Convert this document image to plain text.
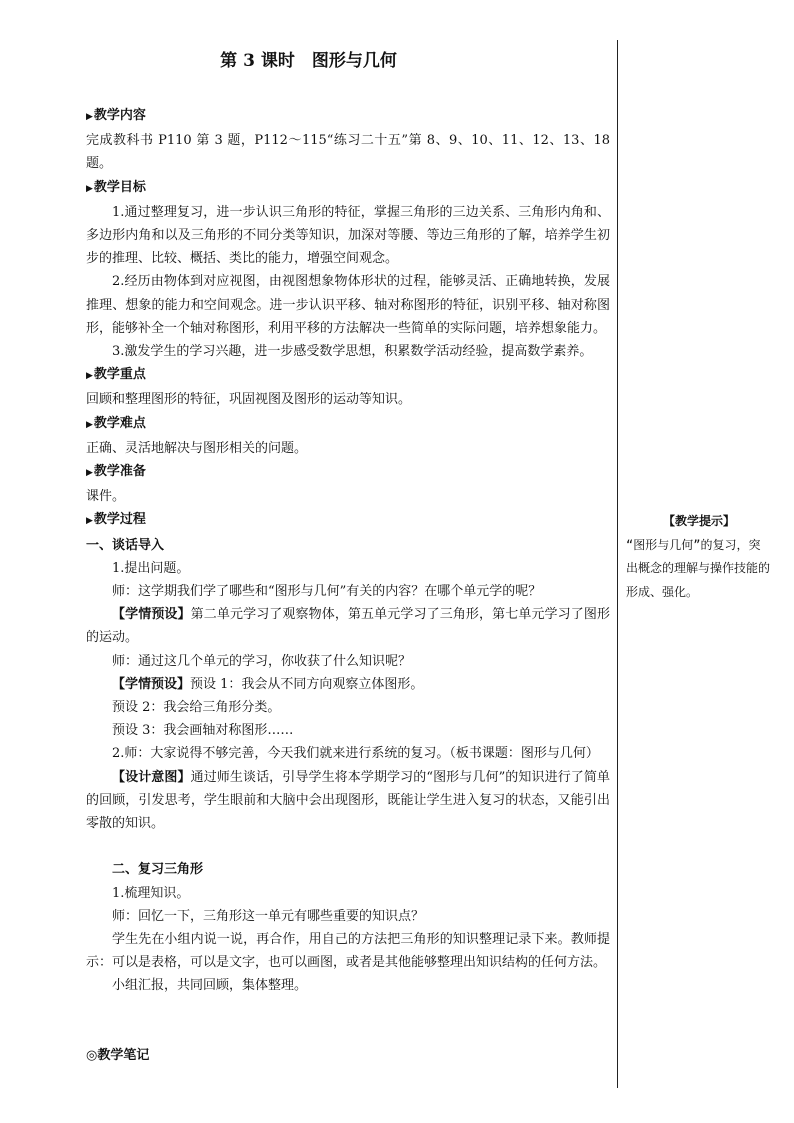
第 3 课时　图形与几何

▶教学内容

完成教科书 P110 第 3 题，P112～115“练习二十五”第 8、9、10、11、12、13、18 题。

▶教学目标

1.通过整理复习，进一步认识三角形的特征，掌握三角形的三边关系、三角形内角和、多边形内角和以及三角形的不同分类等知识，加深对等腰、等边三角形的了解，培养学生初步的推理、比较、概括、类比的能力，增强空间观念。

2.经历由物体到对应视图，由视图想象物体形状的过程，能够灵活、正确地转换，发展推理、想象的能力和空间观念。进一步认识平移、轴对称图形的特征，识别平移、轴对称图形，能够补全一个轴对称图形，利用平移的方法解决一些简单的实际问题，培养想象能力。

3.激发学生的学习兴趣，进一步感受数学思想，积累数学活动经验，提高数学素养。

▶教学重点

回顾和整理图形的特征，巩固视图及图形的运动等知识。

▶教学难点

正确、灵活地解决与图形相关的问题。

▶教学准备

课件。

▶教学过程

一、谈话导入

1.提出问题。

师：这学期我们学了哪些和“图形与几何”有关的内容？在哪个单元学的呢？

【学情预设】第二单元学习了观察物体，第五单元学习了三角形，第七单元学习了图形的运动。

师：通过这几个单元的学习，你收获了什么知识呢？

【学情预设】预设 1：我会从不同方向观察立体图形。

预设 2：我会给三角形分类。

预设 3：我会画轴对称图形……

2.师：大家说得不够完善，今天我们就来进行系统的复习。（板书课题：图形与几何）

【设计意图】通过师生谈话，引导学生将本学期学习的“图形与几何”的知识进行了简单的回顾，引发思考，学生眼前和大脑中会出现图形，既能让学生进入复习的状态，又能引出零散的知识。

二、复习三角形

1.梳理知识。

师：回忆一下，三角形这一单元有哪些重要的知识点？

学生先在小组内说一说，再合作，用自己的方法把三角形的知识整理记录下来。教师提示：可以是表格，可以是文字，也可以画图，或者是其他能够整理出知识结构的任何方法。

小组汇报，共同回顾，集体整理。

【教学提示】

“图形与几何”的复习，突出概念的理解与操作技能的形成、强化。

◎教学笔记
